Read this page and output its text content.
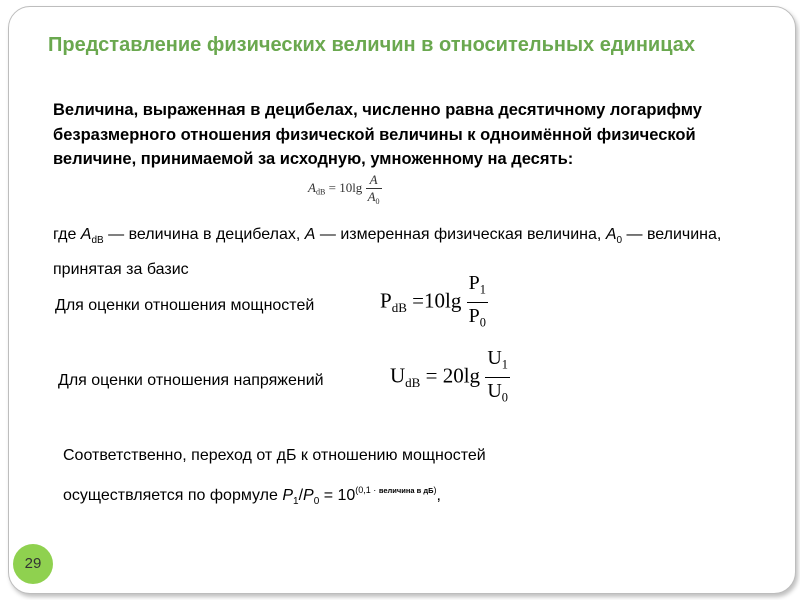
Представление физических величин в относительных единицах
Величина, выраженная в децибелах, численно равна десятичному логарифму безразмерного отношения физической величины к одноимённой физической величине, принимаемой за исходную, умноженному на десять:
$A_{dB} = 10\lg \frac{A}{A_0}$
где $A_{dB}$ — величина в децибелах, A — измеренная физическая величина, $A_0$ — величина, принятая за базис
Для оценки отношения мощностей	$P_{dB} =10\lg \frac{P_1}{P_0}$
Для оценки отношения напряжений	$U_{dB} = 20\lg \frac{U_1}{U_0}$
Соответственно, переход от дБ к отношению мощностей
осуществляется по формуле $P_1/P_0 = 10^{(0,1 \cdot величина в дБ)}$,
29
